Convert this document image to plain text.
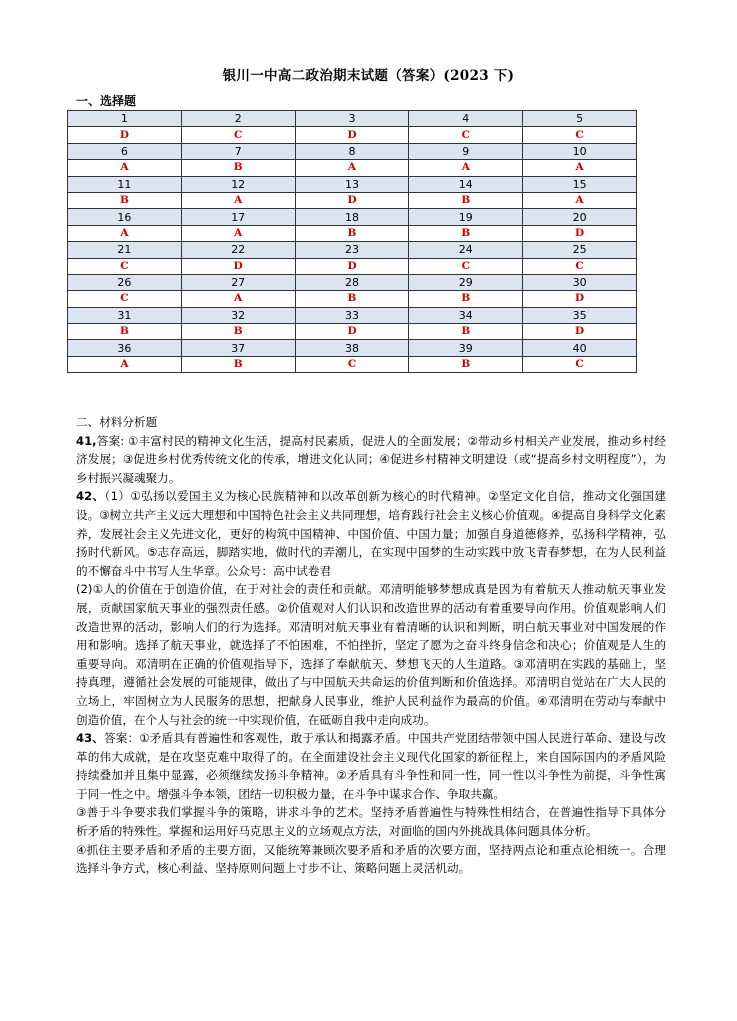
银川一中高二政治期末试题（答案）(2023 下)
一、选择题
1	2	3	4	5
D	C	D	C	C
6	7	8	9	10
A	B	A	A	A
11	12	13	14	15
B	A	D	B	A
16	17	18	19	20
A	A	B	B	D
21	22	23	24	25
C	D	D	C	C
26	27	28	29	30
C	A	B	B	D
31	32	33	34	35
B	B	D	B	D
36	37	38	39	40
A	B	C	B	C

二、材料分析题

41,答案: ①丰富村民的精神文化生活，提高村民素质，促进人的全面发展；②带动乡村相关产业发展，推动乡村经济发展；③促进乡村优秀传统文化的传承，增进文化认同；④促进乡村精神文明建设（或“提高乡村文明程度”），为乡村振兴凝魂聚力。

42、（1）①弘扬以爱国主义为核心民族精神和以改革创新为核心的时代精神。②坚定文化自信，推动文化强国建设。③树立共产主义远大理想和中国特色社会主义共同理想，培育践行社会主义核心价值观。④提高自身科学文化素养，发展社会主义先进文化，更好的构筑中国精神、中国价值、中国力量；加强自身道德修养，弘扬科学精神，弘扬时代新风。⑤志存高远，脚踏实地，做时代的弄潮儿，在实现中国梦的生动实践中放飞青春梦想，在为人民利益的不懈奋斗中书写人生华章。公众号：高中试卷君

(2)①人的价值在于创造价值，在于对社会的责任和贡献。邓清明能够梦想成真是因为有着航天人推动航天事业发展，贡献国家航天事业的强烈责任感。②价值观对人们认识和改造世界的活动有着重要导向作用。价值观影响人们改造世界的活动，影响人们的行为选择。邓清明对航天事业有着清晰的认识和判断，明白航天事业对中国发展的作用和影响。选择了航天事业，就选择了不怕困难，不怕挫折，坚定了愿为之奋斗终身信念和决心；价值观是人生的重要导向。邓清明在正确的价值观指导下，选择了奉献航天、梦想飞天的人生道路。③邓清明在实践的基础上，坚持真理，遵循社会发展的可能规律，做出了与中国航天共命运的价值判断和价值选择。邓清明自觉站在广大人民的立场上，牢固树立为人民服务的思想，把献身人民事业，维护人民利益作为最高的价值。④邓清明在劳动与奉献中创造价值，在个人与社会的统一中实现价值，在砥砺自我中走向成功。

43、答案：①矛盾具有普遍性和客观性，敢于承认和揭露矛盾。中国共产党团结带领中国人民进行革命、建设与改革的伟大成就，是在攻坚克难中取得了的。在全面建设社会主义现代化国家的新征程上，来自国际国内的矛盾风险持续叠加并且集中显露，必须继续发扬斗争精神。②矛盾具有斗争性和同一性，同一性以斗争性为前提，斗争性寓于同一性之中。增强斗争本领，团结一切积极力量，在斗争中谋求合作、争取共赢。

③善于斗争要求我们掌握斗争的策略，讲求斗争的艺术。坚持矛盾普遍性与特殊性相结合，在普遍性指导下具体分析矛盾的特殊性。掌握和运用好马克思主义的立场观点方法，对面临的国内外挑战具体问题具体分析。

④抓住主要矛盾和矛盾的主要方面，又能统筹兼顾次要矛盾和矛盾的次要方面，坚持两点论和重点论相统一。合理选择斗争方式，核心利益、坚持原则问题上寸步不让、策略问题上灵活机动。
